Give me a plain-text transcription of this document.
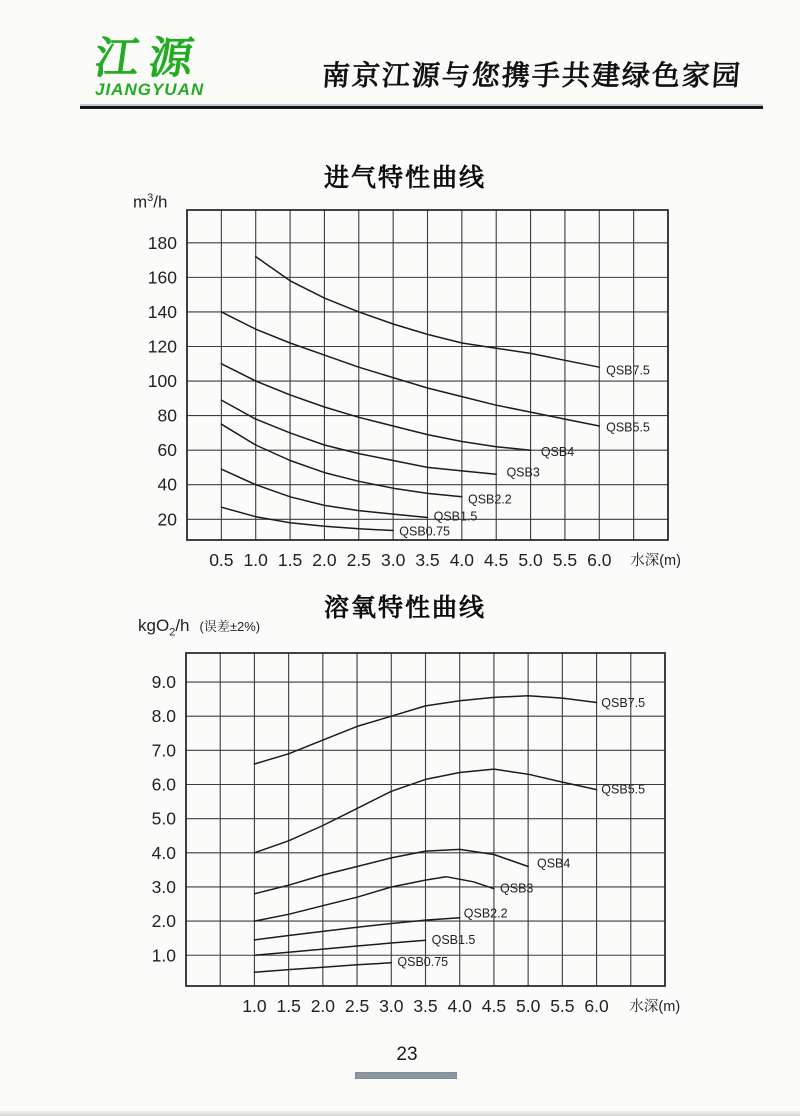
江源
JIANGYUAN	南京江源与您携手共建绿色家园
进气特性曲线
$m^3/h$
180
160
140
120
100
80
60
40
20
0.5 1.0 1.5 2.0 2.5 3.0 3.5 4.0 4.5 5.0 5.5 6.0 水深(m)
QSB7.5
QSB5.5
QSB4
QSB3
QSB2.2
QSB1.5
QSB0.75
溶氧特性曲线
kgO$_2$/h (误差±2%)
9.0
8.0
7.0
6.0
5.0
4.0
3.0
2.0
1.0
1.0 1.5 2.0 2.5 3.0 3.5 4.0 4.5 5.0 5.5 6.0 水深(m)
QSB7.5
QSB5.5
QSB4
QSB3
QSB2.2
QSB1.5
QSB0.75
23
